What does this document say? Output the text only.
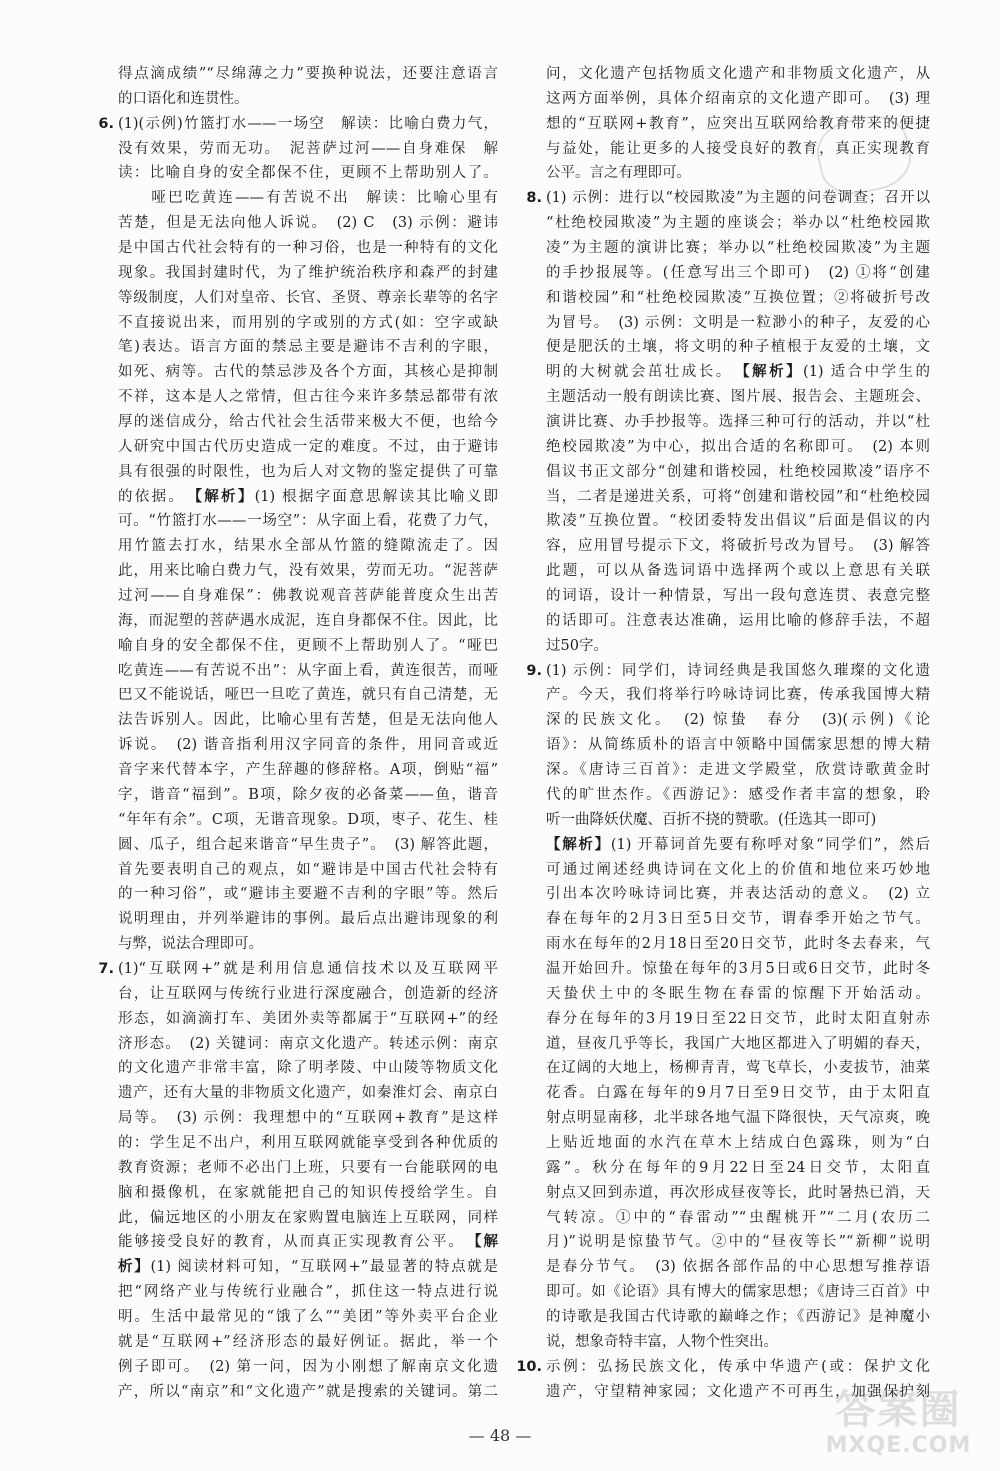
得点滴成绩”“尽绵薄之力”要换种说法，还要注意语言
的口语化和连贯性。
6. (1)(示例)竹篮打水——一场空　解读：比喻白费力气，
没有效果，劳而无功。　泥菩萨过河——自身难保　解
读：比喻自身的安全都保不住，更顾不上帮助别人了。
　　哑巴吃黄连——有苦说不出　解读：比喻心里有
苦楚，但是无法向他人诉说。　(2) C　(3) 示例：避讳
是中国古代社会特有的一种习俗，也是一种特有的文化
现象。我国封建时代，为了维护统治秩序和森严的封建
等级制度，人们对皇帝、长官、圣贤、尊亲长辈等的名字
不直接说出来，而用别的字或别的方式(如：空字或缺
笔)表达。语言方面的禁忌主要是避讳不吉利的字眼，
如死、病等。古代的禁忌涉及各个方面，其核心是抑制
不祥，这本是人之常情，但古往今来许多禁忌都带有浓
厚的迷信成分，给古代社会生活带来极大不便，也给今
人研究中国古代历史造成一定的难度。不过，由于避讳
具有很强的时限性，也为后人对文物的鉴定提供了可靠
的依据。　【解析】(1) 根据字面意思解读其比喻义即
可。“竹篮打水——一场空”：从字面上看，花费了力气，
用竹篮去打水，结果水全部从竹篮的缝隙流走了。因
此，用来比喻白费力气，没有效果，劳而无功。“泥菩萨
过河——自身难保”：佛教说观音菩萨能普度众生出苦
海，而泥塑的菩萨遇水成泥，连自身都保不住。因此，比
喻自身的安全都保不住，更顾不上帮助别人了。“哑巴
吃黄连——有苦说不出”：从字面上看，黄连很苦，而哑
巴又不能说话，哑巴一旦吃了黄连，就只有自己清楚，无
法告诉别人。因此，比喻心里有苦楚，但是无法向他人
诉说。　(2) 谐音指利用汉字同音的条件，用同音或近
音字来代替本字，产生辞趣的修辞格。A项，倒贴“福”
字，谐音“福到”。B项，除夕夜的必备菜——鱼，谐音
“年年有余”。C项，无谐音现象。D项，枣子、花生、桂
圆、瓜子，组合起来谐音“早生贵子”。　(3) 解答此题，
首先要表明自己的观点，如“避讳是中国古代社会特有
的一种习俗”，或“避讳主要避不吉利的字眼”等。然后
说明理由，并列举避讳的事例。最后点出避讳现象的利
与弊，说法合理即可。
7. (1)“互联网+”就是利用信息通信技术以及互联网平
台，让互联网与传统行业进行深度融合，创造新的经济
形态，如滴滴打车、美团外卖等都属于“互联网+”的经
济形态。　(2) 关键词：南京文化遗产。转述示例：南京
的文化遗产非常丰富，除了明孝陵、中山陵等物质文化
遗产，还有大量的非物质文化遗产，如秦淮灯会、南京白
局等。　(3) 示例：我理想中的“互联网+教育”是这样
的：学生足不出户，利用互联网就能享受到各种优质的
教育资源；老师不必出门上班，只要有一台能联网的电
脑和摄像机，在家就能把自己的知识传授给学生。自
此，偏远地区的小朋友在家购置电脑连上互联网，同样
能够接受良好的教育，从而真正实现教育公平。　【解
析】(1) 阅读材料可知，“互联网+”最显著的特点就是
把“网络产业与传统行业融合”，抓住这一特点进行说
明。生活中最常见的“饿了么”“美团”等外卖平台企业
就是“互联网+”经济形态的最好例证。据此，举一个
例子即可。　(2) 第一问，因为小刚想了解南京文化遗
产，所以“南京”和“文化遗产”就是搜索的关键词。第二
问，文化遗产包括物质文化遗产和非物质文化遗产，从
这两方面举例，具体介绍南京的文化遗产即可。　(3) 理
想的“互联网+教育”，应突出互联网给教育带来的便捷
与益处，能让更多的人接受良好的教育，真正实现教育
公平。言之有理即可。
8. (1) 示例：进行以“校园欺凌”为主题的问卷调查；召开以
“杜绝校园欺凌”为主题的座谈会；举办以“杜绝校园欺
凌”为主题的演讲比赛；举办以“杜绝校园欺凌”为主题
的手抄报展等。(任意写出三个即可)　(2) ①将“创建
和谐校园”和“杜绝校园欺凌”互换位置；②将破折号改
为冒号。　(3) 示例：文明是一粒渺小的种子，友爱的心
便是肥沃的土壤，将文明的种子植根于友爱的土壤，文
明的大树就会茁壮成长。　【解析】(1) 适合中学生的
主题活动一般有朗读比赛、图片展、报告会、主题班会、
演讲比赛、办手抄报等。选择三种可行的活动，并以“杜
绝校园欺凌”为中心，拟出合适的名称即可。　(2) 本则
倡议书正文部分“创建和谐校园，杜绝校园欺凌”语序不
当，二者是递进关系，可将“创建和谐校园”和“杜绝校园
欺凌”互换位置。“校团委特发出倡议”后面是倡议的内
容，应用冒号提示下文，将破折号改为冒号。　(3) 解答
此题，可以从备选词语中选择两个或以上意思有关联
的词语，设计一种情景，写出一段句意连贯、表意完整
的话即可。注意表达准确，运用比喻的修辞手法，不超
过50字。
9. (1) 示例：同学们，诗词经典是我国悠久璀璨的文化遗
产。今天，我们将举行吟咏诗词比赛，传承我国博大精
深的民族文化。　(2) 惊蛰　春分　(3)(示例)《论
语》：从简练质朴的语言中领略中国儒家思想的博大精
深。《唐诗三百首》：走进文学殿堂，欣赏诗歌黄金时
代的旷世杰作。《西游记》：感受作者丰富的想象，聆
听一曲降妖伏魔、百折不挠的赞歌。(任选其一即可)
【解析】(1) 开幕词首先要有称呼对象“同学们”，然后
可通过阐述经典诗词在文化上的价值和地位来巧妙地
引出本次吟咏诗词比赛，并表达活动的意义。　(2) 立
春在每年的2月3日至5日交节，谓春季开始之节气。
雨水在每年的2月18日至20日交节，此时冬去春来，气
温开始回升。惊蛰在每年的3月5日或6日交节，此时冬
天蛰伏土中的冬眠生物在春雷的惊醒下开始活动。
春分在每年的3月19日至22日交节，此时太阳直射赤
道，昼夜几乎等长，我国广大地区都进入了明媚的春天，
在辽阔的大地上，杨柳青青，莺飞草长，小麦拔节，油菜
花香。白露在每年的9月7日至9日交节，由于太阳直
射点明显南移，北半球各地气温下降很快，天气凉爽，晚
上贴近地面的水汽在草木上结成白色露珠，则为“白
露”。秋分在每年的9月22日至24日交节，太阳直
射点又回到赤道，再次形成昼夜等长，此时暑热已消，天
气转凉。①中的“春雷动”“虫醒桃开”“二月(农历二
月)”说明是惊蛰节气。②中的“昼夜等长”“新柳”说明
是春分节气。　(3) 依据各部作品的中心思想写推荐语
即可。如《论语》具有博大的儒家思想；《唐诗三百首》中
的诗歌是我国古代诗歌的巅峰之作；《西游记》是神魔小
说，想象奇特丰富，人物个性突出。
10. 示例：弘扬民族文化，传承中华遗产(或：保护文化
遗产，守望精神家园；文化遗产不可再生，加强保护刻
— 48 —
答案圈
MXQE.COM
